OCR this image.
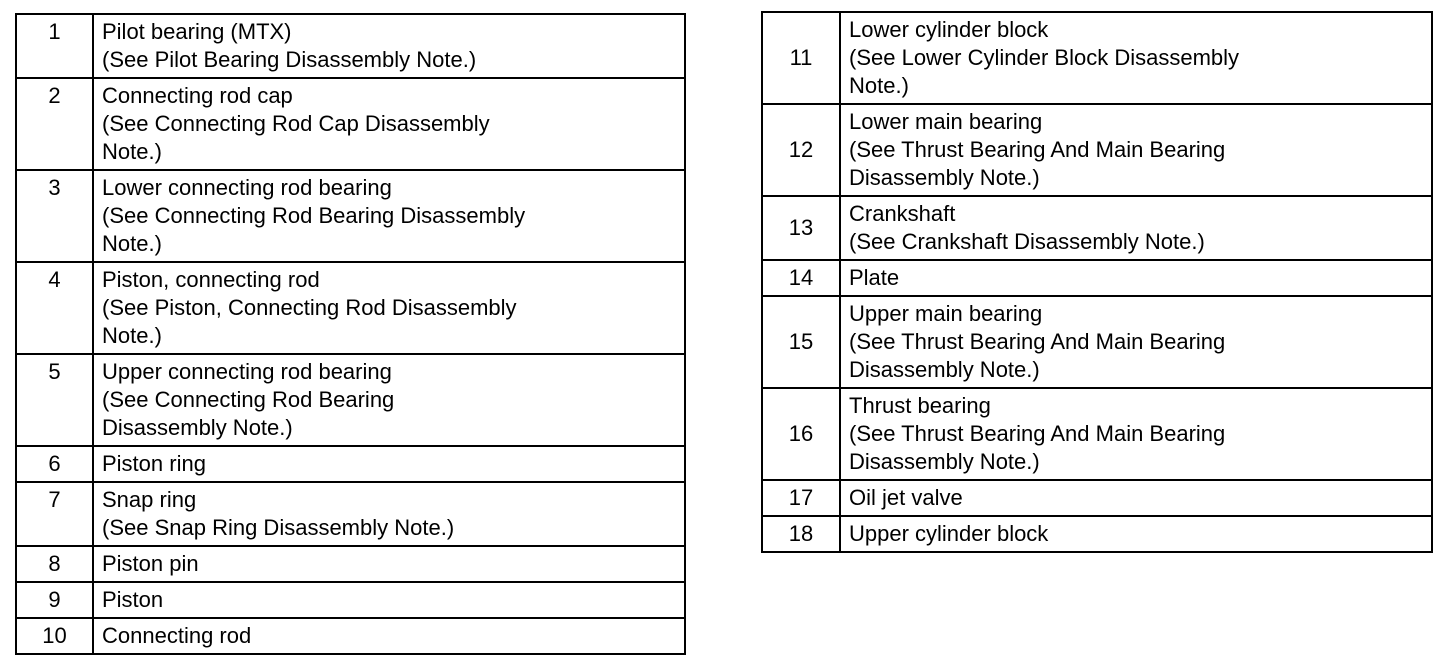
1	Pilot bearing (MTX)
(See Pilot Bearing Disassembly Note.)
2	Connecting rod cap
(See Connecting Rod Cap Disassembly
Note.)
3	Lower connecting rod bearing
(See Connecting Rod Bearing Disassembly
Note.)
4	Piston, connecting rod
(See Piston, Connecting Rod Disassembly
Note.)
5	Upper connecting rod bearing
(See Connecting Rod Bearing
Disassembly Note.)
6	Piston ring
7	Snap ring
(See Snap Ring Disassembly Note.)
8	Piston pin
9	Piston
10	Connecting rod
11	Lower cylinder block
(See Lower Cylinder Block Disassembly
Note.)
12	Lower main bearing
(See Thrust Bearing And Main Bearing
Disassembly Note.)
13	Crankshaft
(See Crankshaft Disassembly Note.)
14	Plate
15	Upper main bearing
(See Thrust Bearing And Main Bearing
Disassembly Note.)
16	Thrust bearing
(See Thrust Bearing And Main Bearing
Disassembly Note.)
17	Oil jet valve
18	Upper cylinder block
